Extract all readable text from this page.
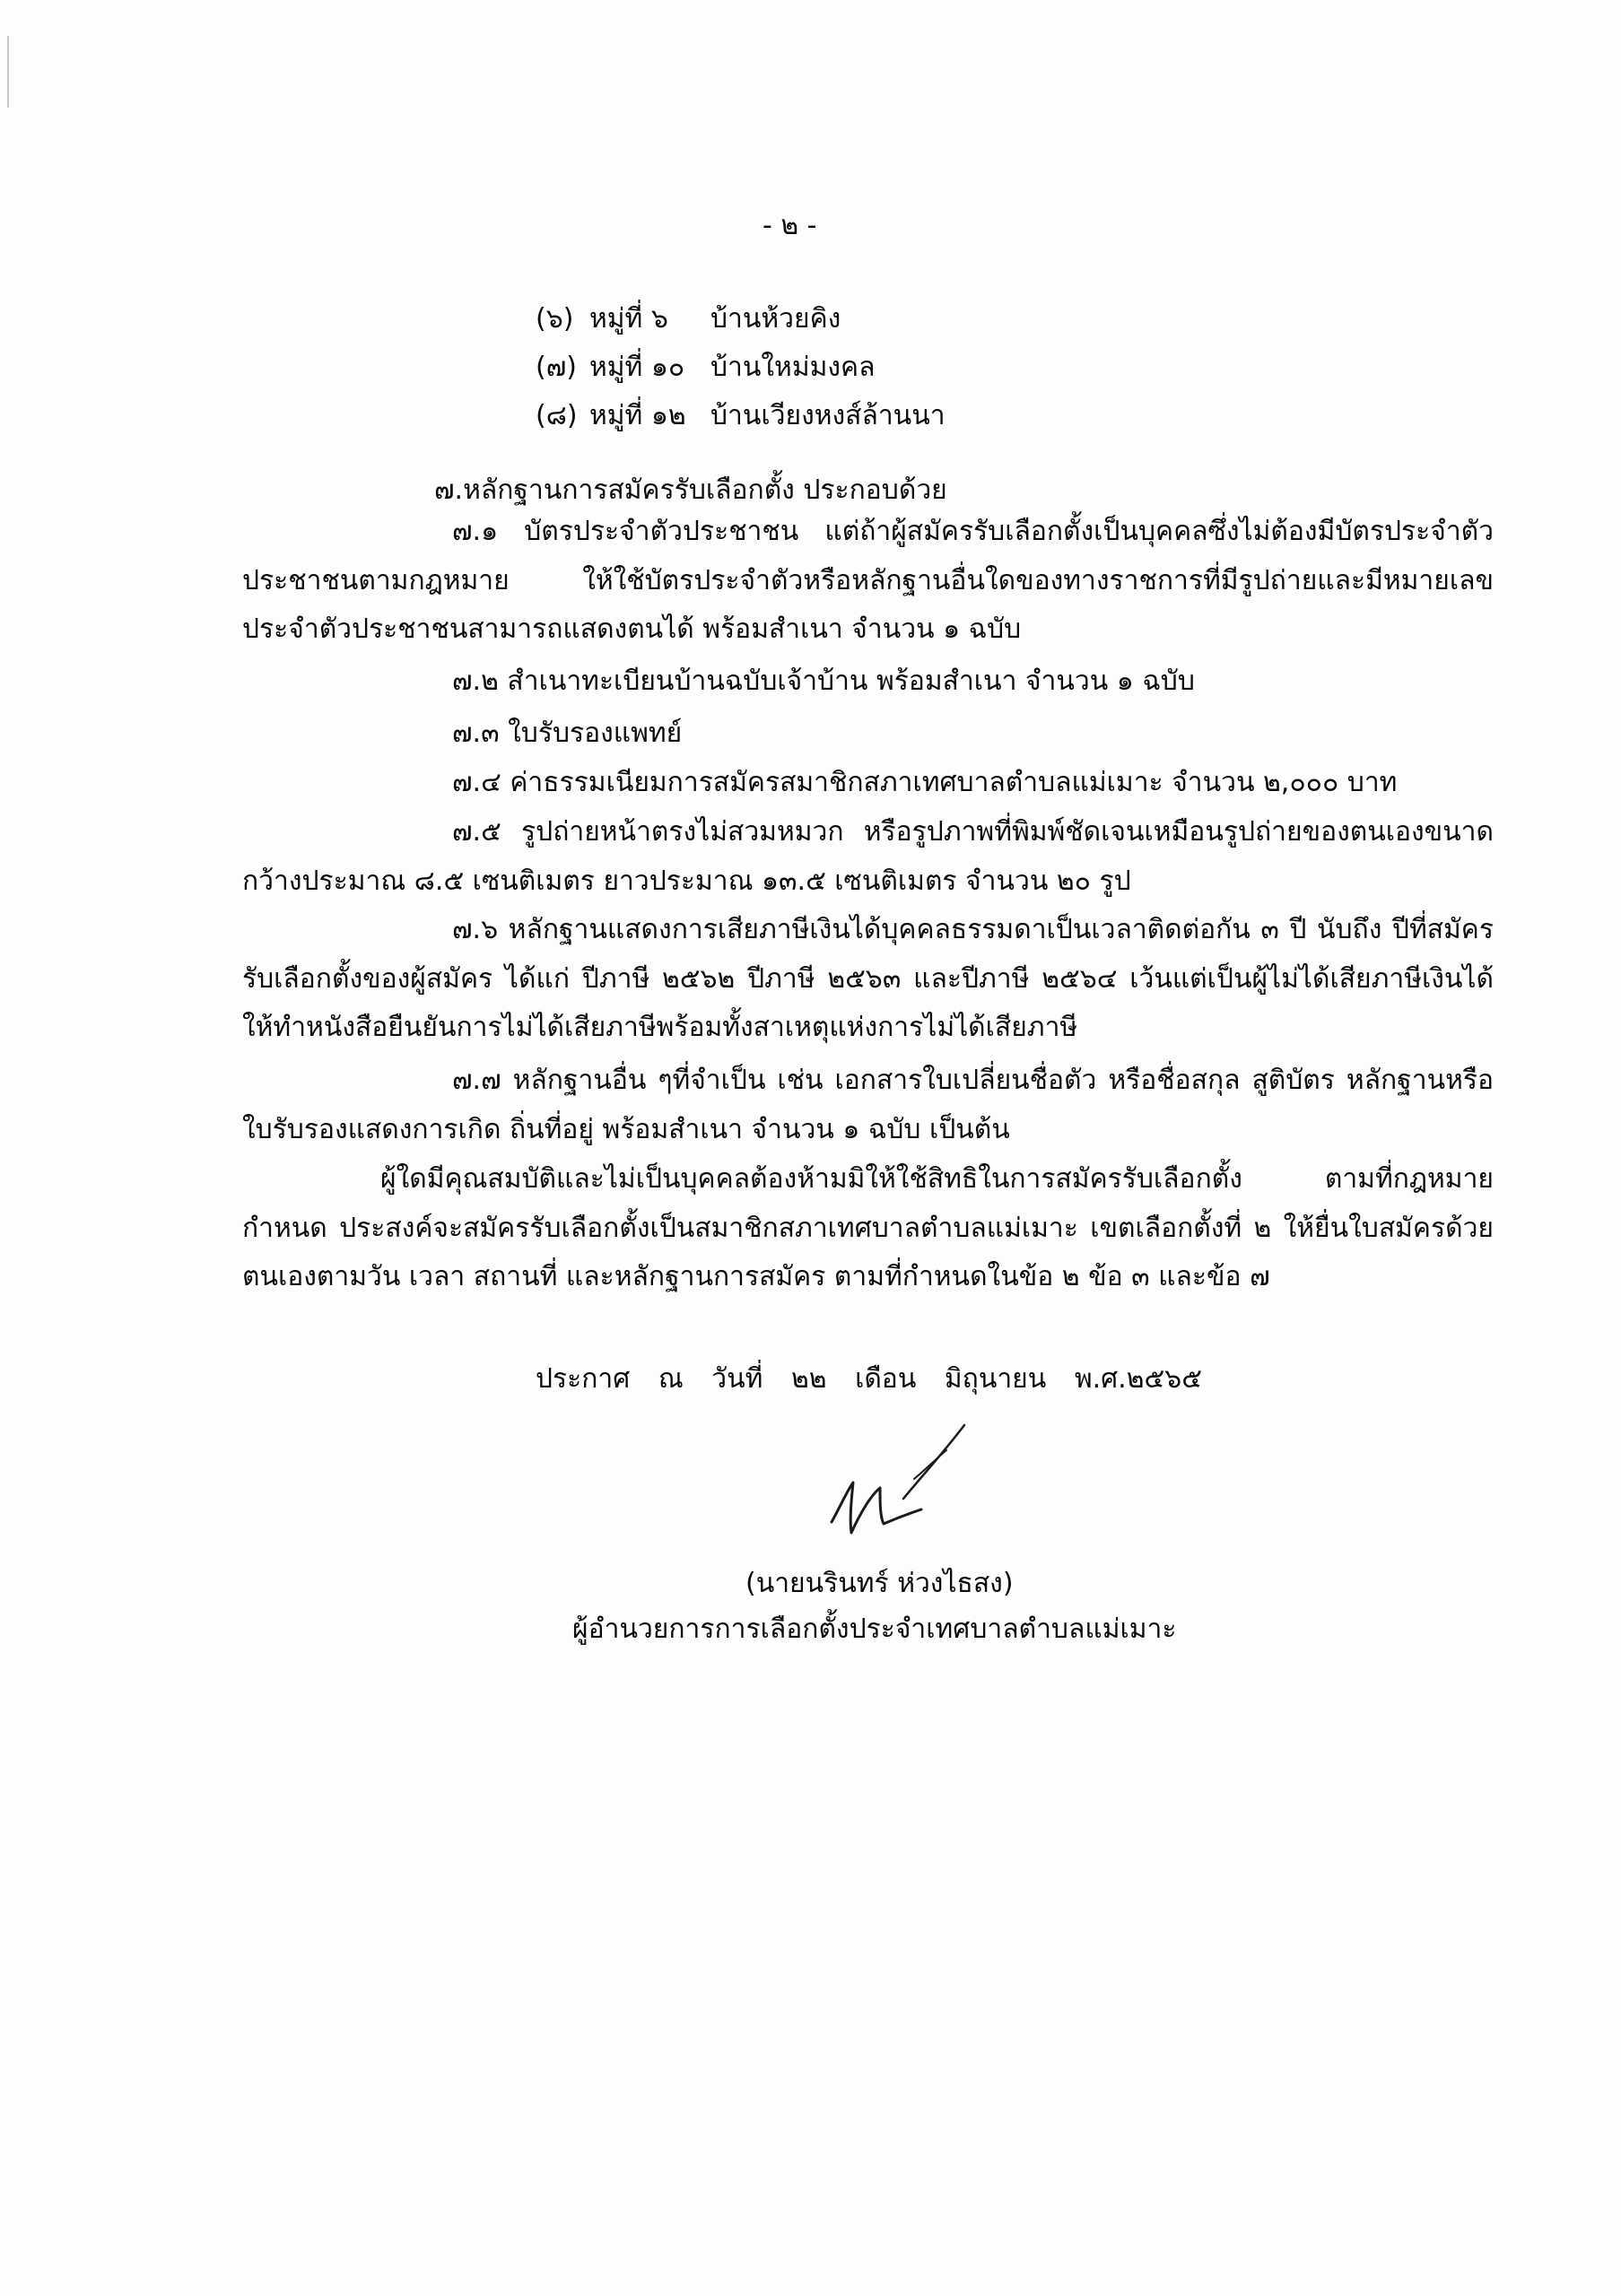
- ๒ -
(๖) หมู่ที่ ๖ บ้านห้วยคิง
(๗) หมู่ที่ ๑๐ บ้านใหม่มงคล
(๘) หมู่ที่ ๑๒ บ้านเวียงหงส์ล้านนา
๗.หลักฐานการสมัครรับเลือกตั้ง ประกอบด้วย
๗.๑ บัตรประจำตัวประชาชน แต่ถ้าผู้สมัครรับเลือกตั้งเป็นบุคคลซึ่งไม่ต้องมีบัตรประจำตัวประชาชนตามกฎหมาย ให้ใช้บัตรประจำตัวหรือหลักฐานอื่นใดของทางราชการที่มีรูปถ่ายและมีหมายเลขประจำตัวประชาชนสามารถแสดงตนได้ พร้อมสำเนา จำนวน ๑ ฉบับ
๗.๒ สำเนาทะเบียนบ้านฉบับเจ้าบ้าน พร้อมสำเนา จำนวน ๑ ฉบับ
๗.๓ ใบรับรองแพทย์
๗.๔ ค่าธรรมเนียมการสมัครสมาชิกสภาเทศบาลตำบลแม่เมาะ จำนวน ๒,๐๐๐ บาท
๗.๕ รูปถ่ายหน้าตรงไม่สวมหมวก หรือรูปภาพที่พิมพ์ชัดเจนเหมือนรูปถ่ายของตนเองขนาดกว้างประมาณ ๘.๕ เซนติเมตร ยาวประมาณ ๑๓.๕ เซนติเมตร จำนวน ๒๐ รูป
๗.๖ หลักฐานแสดงการเสียภาษีเงินได้บุคคลธรรมดาเป็นเวลาติดต่อกัน ๓ ปี นับถึง ปีที่สมัครรับเลือกตั้งของผู้สมัคร ได้แก่ ปีภาษี ๒๕๖๒ ปีภาษี ๒๕๖๓ และปีภาษี ๒๕๖๔ เว้นแต่เป็นผู้ไม่ได้เสียภาษีเงินได้ ให้ทำหนังสือยืนยันการไม่ได้เสียภาษีพร้อมทั้งสาเหตุแห่งการไม่ได้เสียภาษี
๗.๗ หลักฐานอื่น ๆที่จำเป็น เช่น เอกสารใบเปลี่ยนชื่อตัว หรือชื่อสกุล สูติบัตร หลักฐานหรือใบรับรองแสดงการเกิด ถิ่นที่อยู่ พร้อมสำเนา จำนวน ๑ ฉบับ เป็นต้น
ผู้ใดมีคุณสมบัติและไม่เป็นบุคคลต้องห้ามมิให้ใช้สิทธิในการสมัครรับเลือกตั้ง ตามที่กฎหมายกำหนด ประสงค์จะสมัครรับเลือกตั้งเป็นสมาชิกสภาเทศบาลตำบลแม่เมาะ เขตเลือกตั้งที่ ๒ ให้ยื่นใบสมัครด้วยตนเองตามวัน เวลา สถานที่ และหลักฐานการสมัคร ตามที่กำหนดในข้อ ๒ ข้อ ๓ และข้อ ๗
ประกาศ ณ วันที่ ๒๒ เดือน มิถุนายน พ.ศ.๒๕๖๕
(นายนรินทร์ ห่วงไธสง)
ผู้อำนวยการการเลือกตั้งประจำเทศบาลตำบลแม่เมาะ
